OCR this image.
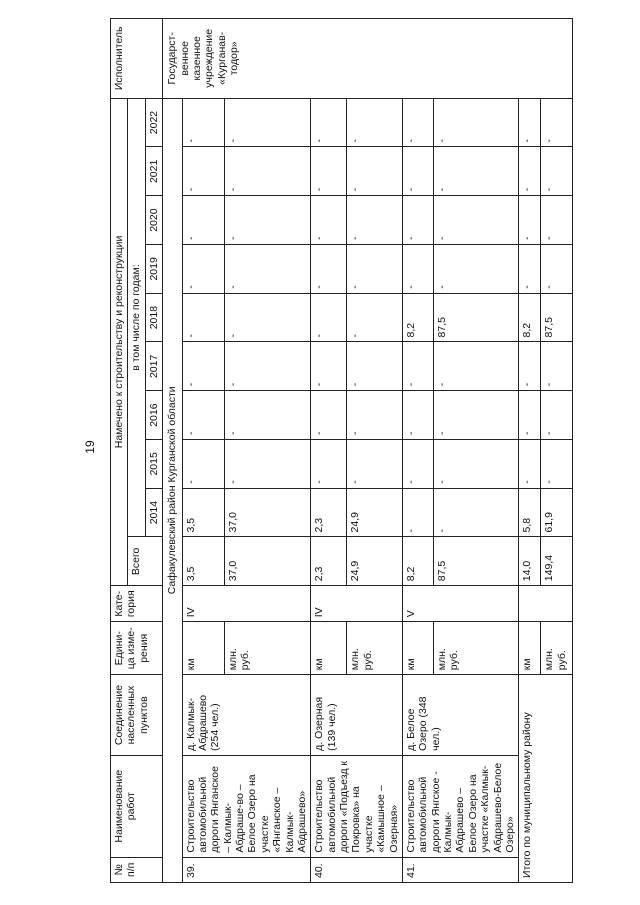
19
№ п/п	Наименование работ	Соединение населенных пунктов	Едини-ца изме-рения	Кате-гория	Намечено к строительству и реконструкции										Исполнитель
					Всего	в том числе по годам:									
						2014	2015	2016	2017	2018	2019	2020	2021	2022	
Сафакулевский район Курганской области															Государст-венное казенное учреждение «Курганав-тодор»
39.	Строительство автомобильной дороги Янганское – Калмык-Абдраше-во – Белое Озеро на участке «Янганское – Калмык-Абдрашево»	д. Калмык-Абдрашево (254 чел.)	км	IV	3,5	3,5	-	-	-	-	-	-	-	-	
			млн. руб.		37,0	37,0	-	-	-	-	-	-	-	-	
40.	Строительство автомобильной дороги «Подъезд к Покровка» на участке «Камышное – Озерная»	д. Озерная (139 чел.)	км	IV	2,3	2,3	-	-	-	-	-	-	-	-	
			млн. руб.		24,9	24,9	-	-	-	-	-	-	-	-	
41.	Строительство автомобильной дороги Янгское - Калмык-Абдрашево – Белое Озеро на участке «Калмык-Абдрашево-Белое Озеро»	д. Белое Озеро (348 чел.)	км	V	8,2	-	-	-	-	8,2	-	-	-	-	
			млн. руб.		87,5	-	-	-	-	87,5	-	-	-	-	
Итого по муниципальному району			км		14,0	5,8	-	-	-	8,2	-	-	-	-	
			млн. руб.		149,4	61,9	-	-	-	87,5	-	-	-	-	
